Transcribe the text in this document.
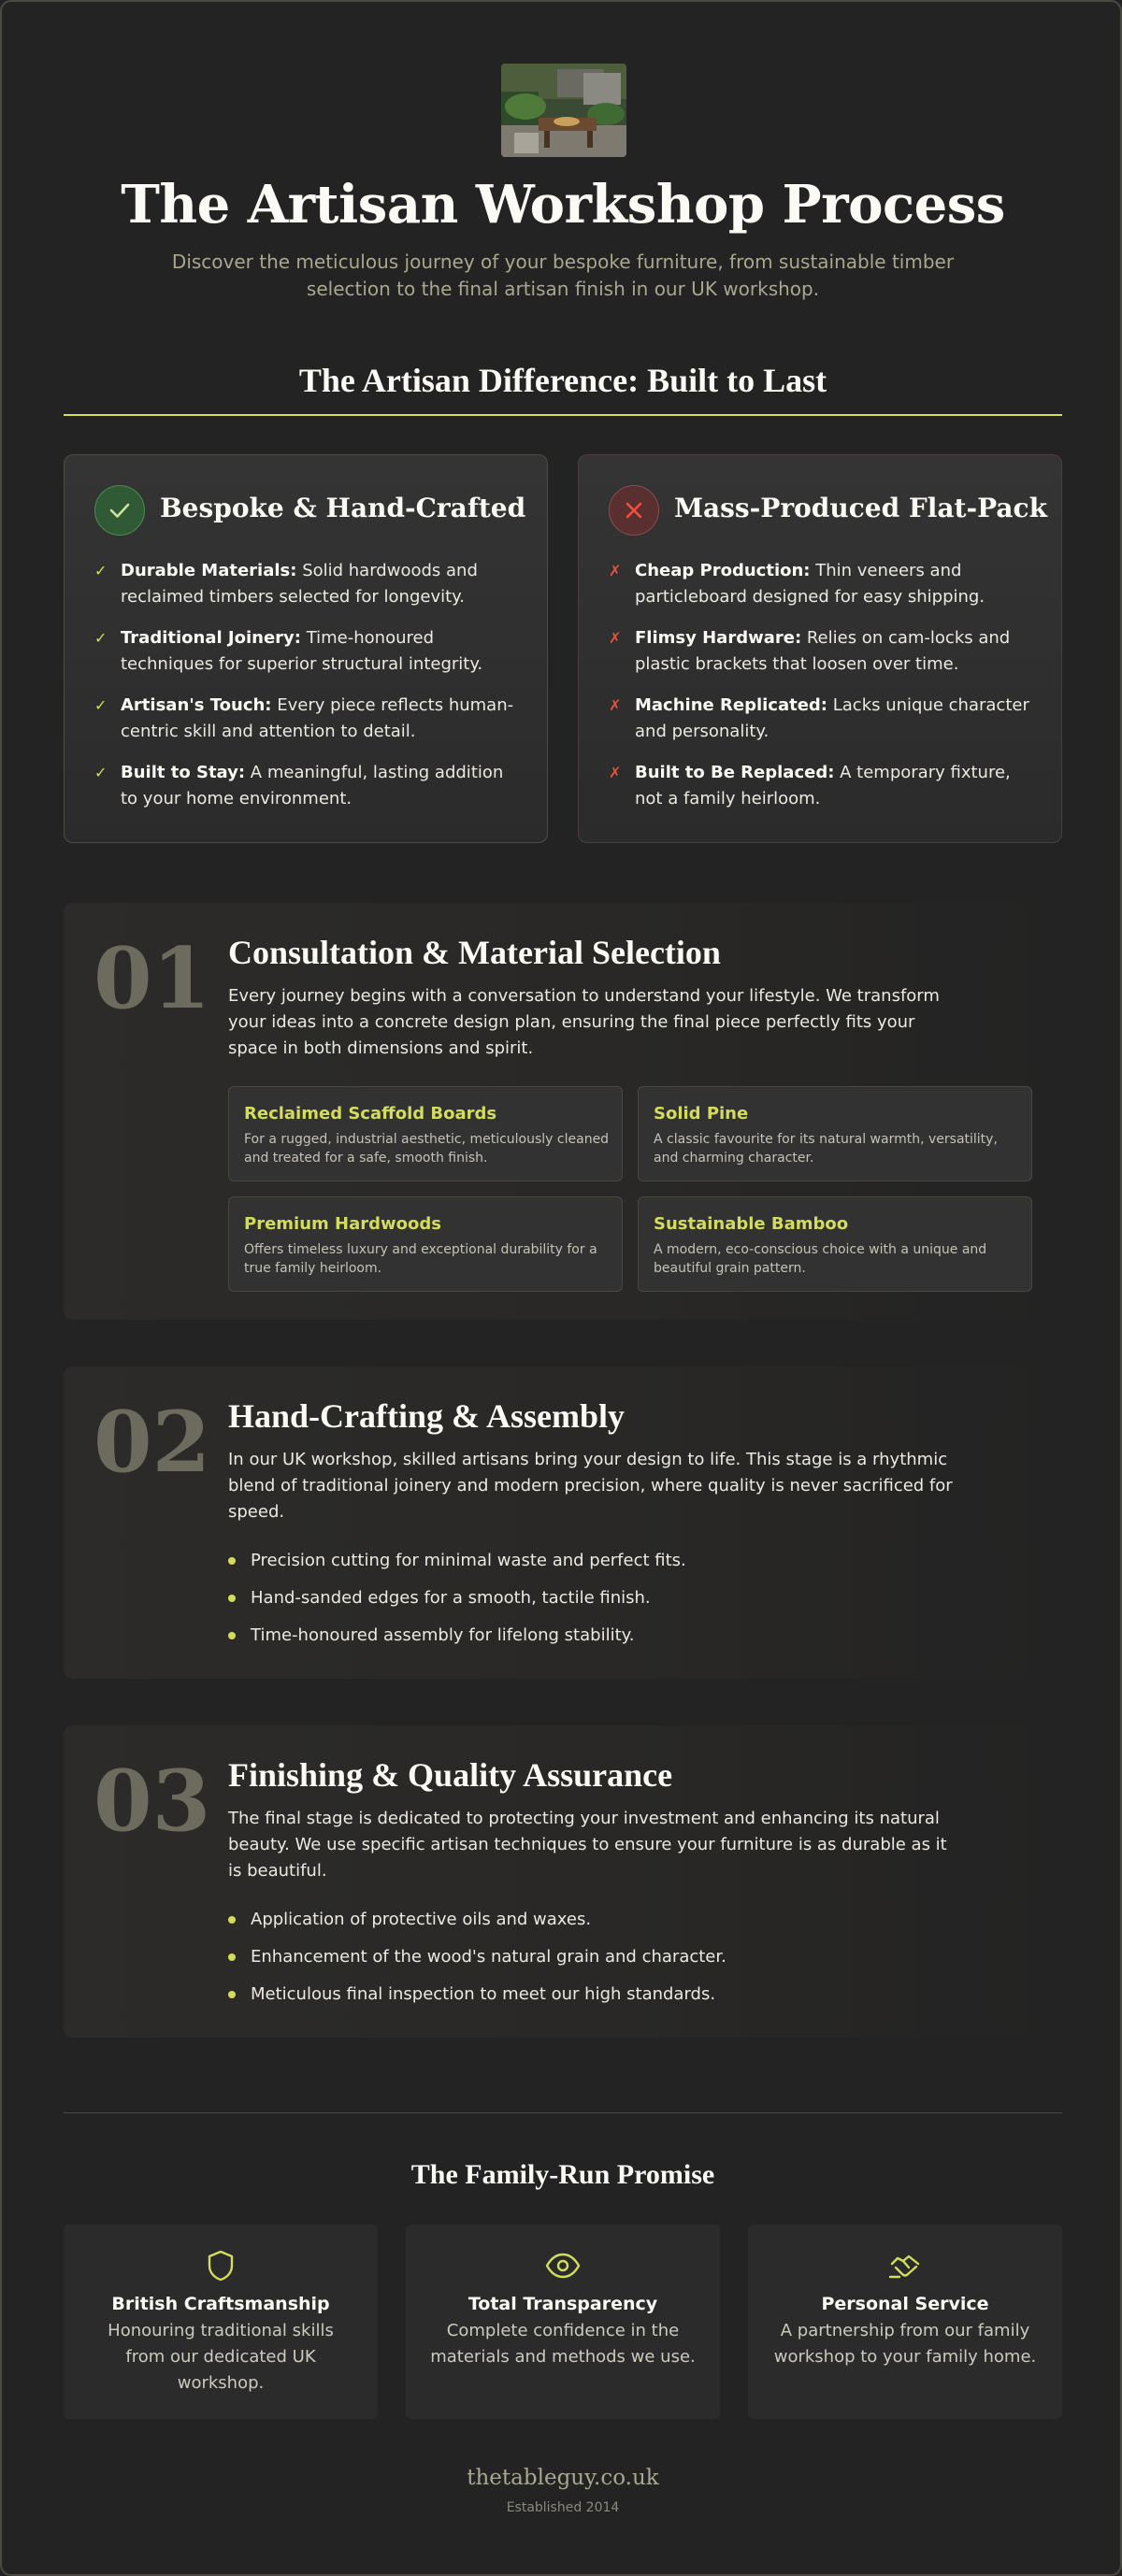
The Artisan Workshop Process

Discover the meticulous journey of your bespoke furniture, from sustainable timber selection to the final artisan finish in our UK workshop.

The Artisan Difference: Built to Last
Bespoke & Hand-Crafted
✓ Durable Materials: Solid hardwoods and reclaimed timbers selected for longevity.
✓ Traditional Joinery: Time-honoured techniques for superior structural integrity.
✓ Artisan's Touch: Every piece reflects human-centric skill and attention to detail.
✓ Built to Stay: A meaningful, lasting addition to your home environment.
Mass-Produced Flat-Pack
✗ Cheap Production: Thin veneers and particleboard designed for easy shipping.
✗ Flimsy Hardware: Relies on cam-locks and plastic brackets that loosen over time.
✗ Machine Replicated: Lacks unique character and personality.
✗ Built to Be Replaced: A temporary fixture, not a family heirloom.
01 Consultation & Material Selection

Every journey begins with a conversation to understand your lifestyle. We transform your ideas into a concrete design plan, ensuring the final piece perfectly fits your space in both dimensions and spirit.

Reclaimed Scaffold Boards
For a rugged, industrial aesthetic, meticulously cleaned and treated for a safe, smooth finish.
Solid Pine
A classic favourite for its natural warmth, versatility, and charming character.
Premium Hardwoods
Offers timeless luxury and exceptional durability for a true family heirloom.
Sustainable Bamboo
A modern, eco-conscious choice with a unique and beautiful grain pattern.
02 Hand-Crafting & Assembly

In our UK workshop, skilled artisans bring your design to life. This stage is a rhythmic blend of traditional joinery and modern precision, where quality is never sacrificed for speed.

Precision cutting for minimal waste and perfect fits.
Hand-sanded edges for a smooth, tactile finish.
Time-honoured assembly for lifelong stability.
03 Finishing & Quality Assurance

The final stage is dedicated to protecting your investment and enhancing its natural beauty. We use specific artisan techniques to ensure your furniture is as durable as it is beautiful.

Application of protective oils and waxes.
Enhancement of the wood's natural grain and character.
Meticulous final inspection to meet our high standards.
The Family-Run Promise
British Craftsmanship
Honouring traditional skills from our dedicated UK workshop.
Total Transparency
Complete confidence in the materials and methods we use.
Personal Service
A partnership from our family workshop to your family home.
thetableguy.co.uk
Established 2014
